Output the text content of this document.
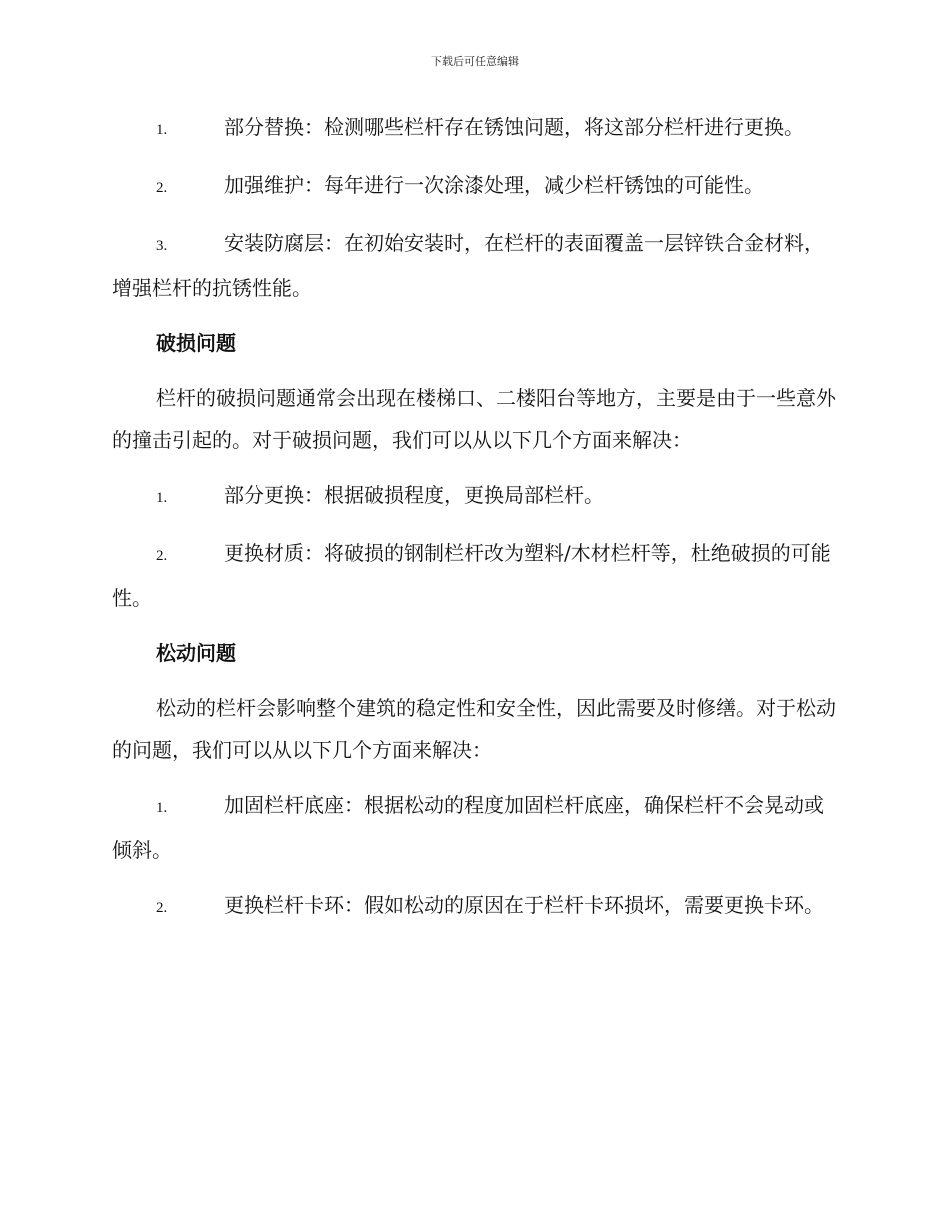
下载后可任意编辑

1.	部分替换：检测哪些栏杆存在锈蚀问题，将这部分栏杆进行更换。

2.	加强维护：每年进行一次涂漆处理，减少栏杆锈蚀的可能性。

3.	安装防腐层：在初始安装时，在栏杆的表面覆盖一层锌铁合金材料，增强栏杆的抗锈性能。

破损问题

栏杆的破损问题通常会出现在楼梯口、二楼阳台等地方，主要是由于一些意外的撞击引起的。对于破损问题，我们可以从以下几个方面来解决：

1.	部分更换：根据破损程度，更换局部栏杆。

2.	更换材质：将破损的钢制栏杆改为塑料/木材栏杆等，杜绝破损的可能性。

松动问题

松动的栏杆会影响整个建筑的稳定性和安全性，因此需要及时修缮。对于松动的问题，我们可以从以下几个方面来解决：

1.	加固栏杆底座：根据松动的程度加固栏杆底座，确保栏杆不会晃动或倾斜。

2.	更换栏杆卡环：假如松动的原因在于栏杆卡环损坏，需要更换卡环。
